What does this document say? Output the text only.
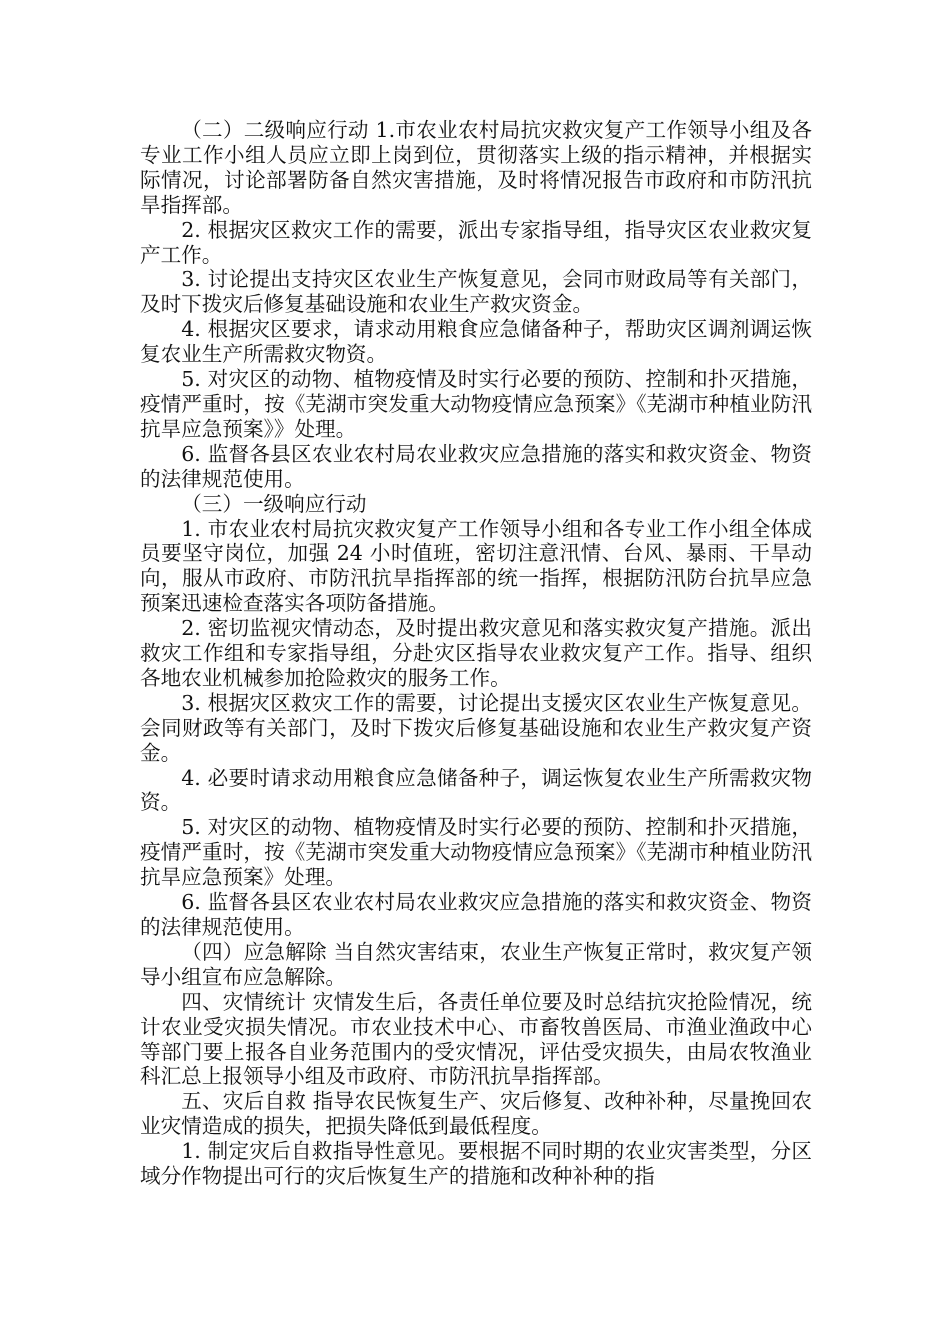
（二）二级响应行动 1.市农业农村局抗灾救灾复产工作领导小组及各专业工作小组人员应立即上岗到位，贯彻落实上级的指示精神，并根据实际情况，讨论部署防备自然灾害措施，及时将情况报告市政府和市防汛抗旱指挥部。

2. 根据灾区救灾工作的需要，派出专家指导组，指导灾区农业救灾复产工作。

3. 讨论提出支持灾区农业生产恢复意见，会同市财政局等有关部门，及时下拨灾后修复基础设施和农业生产救灾资金。

4. 根据灾区要求，请求动用粮食应急储备种子，帮助灾区调剂调运恢复农业生产所需救灾物资。

5. 对灾区的动物、植物疫情及时实行必要的预防、控制和扑灭措施，疫情严重时，按《芜湖市突发重大动物疫情应急预案》《芜湖市种植业防汛抗旱应急预案》》处理。

6. 监督各县区农业农村局农业救灾应急措施的落实和救灾资金、物资的法律规范使用。

（三）一级响应行动

1. 市农业农村局抗灾救灾复产工作领导小组和各专业工作小组全体成员要坚守岗位，加强 24 小时值班，密切注意汛情、台风、暴雨、干旱动向，服从市政府、市防汛抗旱指挥部的统一指挥，根据防汛防台抗旱应急预案迅速检查落实各项防备措施。

2. 密切监视灾情动态，及时提出救灾意见和落实救灾复产措施。派出救灾工作组和专家指导组，分赴灾区指导农业救灾复产工作。指导、组织各地农业机械参加抢险救灾的服务工作。

3. 根据灾区救灾工作的需要，讨论提出支援灾区农业生产恢复意见。会同财政等有关部门，及时下拨灾后修复基础设施和农业生产救灾复产资金。

4. 必要时请求动用粮食应急储备种子，调运恢复农业生产所需救灾物资。

5. 对灾区的动物、植物疫情及时实行必要的预防、控制和扑灭措施，疫情严重时，按《芜湖市突发重大动物疫情应急预案》《芜湖市种植业防汛抗旱应急预案》处理。

6. 监督各县区农业农村局农业救灾应急措施的落实和救灾资金、物资的法律规范使用。

（四）应急解除 当自然灾害结束，农业生产恢复正常时，救灾复产领导小组宣布应急解除。

四、灾情统计 灾情发生后，各责任单位要及时总结抗灾抢险情况，统计农业受灾损失情况。市农业技术中心、市畜牧兽医局、市渔业渔政中心等部门要上报各自业务范围内的受灾情况，评估受灾损失，由局农牧渔业科汇总上报领导小组及市政府、市防汛抗旱指挥部。

五、灾后自救 指导农民恢复生产、灾后修复、改种补种，尽量挽回农业灾情造成的损失，把损失降低到最低程度。

1. 制定灾后自救指导性意见。要根据不同时期的农业灾害类型，分区域分作物提出可行的灾后恢复生产的措施和改种补种的指
